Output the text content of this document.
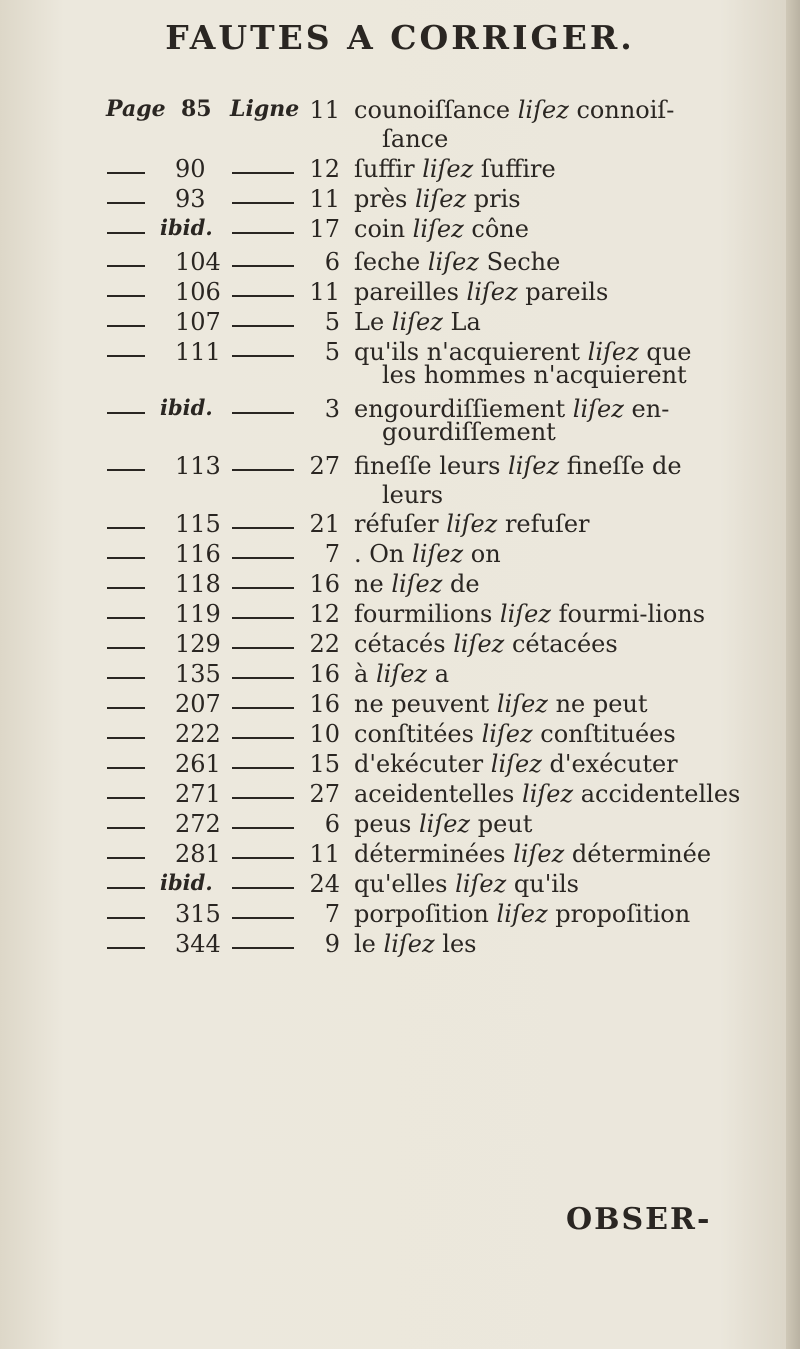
FAUTES A CORRIGER.
Page 85 Ligne 11 counoiſſance liſez connoiſ-
ſance
90	12 ſuffir liſez ſuffire
93	11 près liſez pris
ibid.	17 coin liſez cône
104	6 ſeche liſez Seche
106	11 pareilles liſez pareils
107	5 Le liſez La
111	5 qu'ils n'acquierent liſez que
les hommes n'acquierent
ibid.	3 engourdiſſiement liſez en-
gourdiſſement
113	27 fineſſe leurs liſez fineſſe de
leurs
115	21 réfuſer liſez refuſer
116	7 . On liſez on
118	16 ne liſez de
119	12 fourmilions liſez fourmi-lions
129	22 cétacés liſez cétacées
135	16 à liſez a
207	16 ne peuvent liſez ne peut
222	10 conſtitées liſez conſtituées
261	15 d'ekécuter liſez d'exécuter
271	27 aceidentelles liſez accidentelles
272	6 peus liſez peut
281	11 déterminées liſez déterminée
ibid.	24 qu'elles liſez qu'ils
315	7 porpoſition liſez propoſition
344	9 le liſez les
OBSER-
